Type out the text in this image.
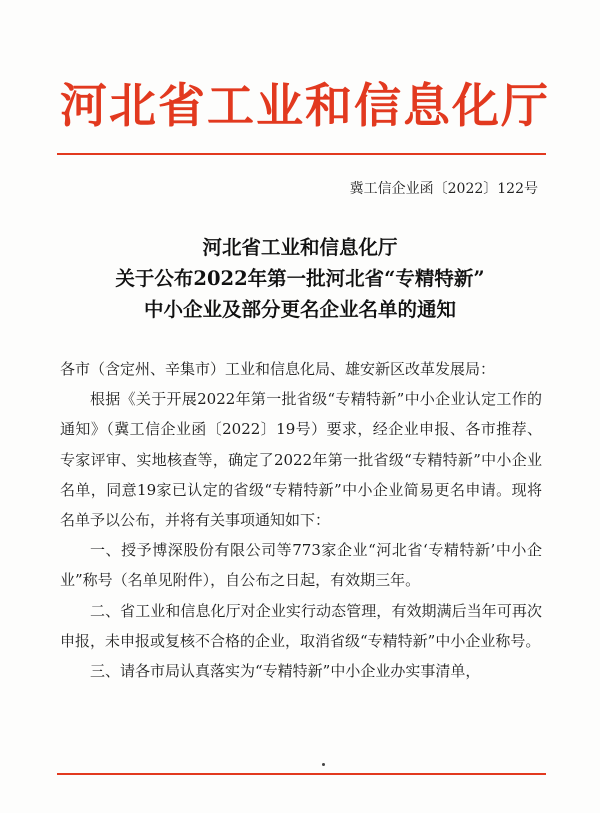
河北省工业和信息化厅
冀工信企业函〔2022〕122号
河北省工业和信息化厅
关于公布2022年第一批河北省“专精特新”
中小企业及部分更名企业名单的通知

各市（含定州、辛集市）工业和信息化局、雄安新区改革发展局：

根据《关于开展2022年第一批省级“专精特新”中小企业认定工作的通知》（冀工信企业函〔2022〕19号）要求，经企业申报、各市推荐、专家评审、实地核查等，确定了2022年第一批省级“专精特新”中小企业名单，同意19家已认定的省级“专精特新”中小企业简易更名申请。现将名单予以公布，并将有关事项通知如下：

一、授予博深股份有限公司等773家企业“河北省‘专精特新’中小企业”称号（名单见附件），自公布之日起，有效期三年。

二、省工业和信息化厅对企业实行动态管理，有效期满后当年可再次申报，未申报或复核不合格的企业，取消省级“专精特新”中小企业称号。

三、请各市局认真落实为“专精特新”中小企业办实事清单，
